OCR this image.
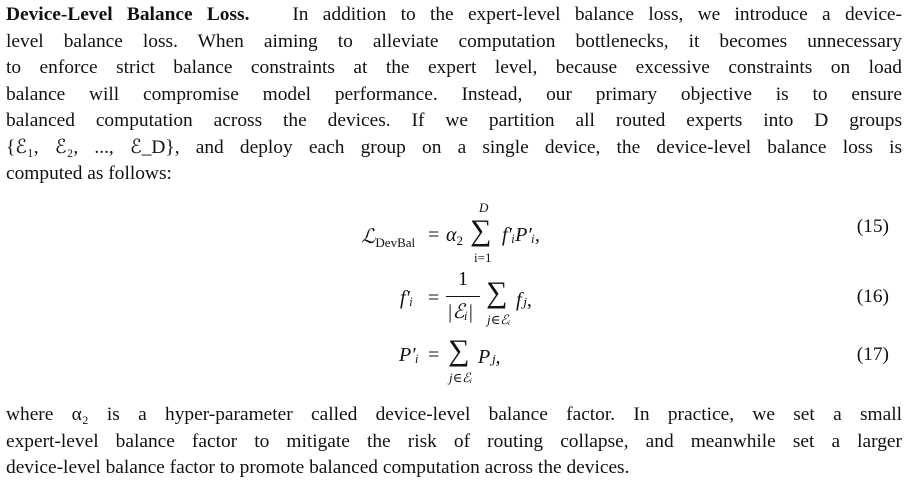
Device-Level Balance Loss. In addition to the expert-level balance loss, we introduce a device-
level balance loss. When aiming to alleviate computation bottlenecks, it becomes unnecessary
to enforce strict balance constraints at the expert level, because excessive constraints on load
balance will compromise model performance. Instead, our primary objective is to ensure
balanced computation across the devices. If we partition all routed experts into D groups
{ℰ₁, ℰ₂, ..., ℰ_D}, and deploy each group on a single device, the device-level balance loss is
computed as follows:
ℒ$_{DevBal}$ = $\alpha_2$
D
∑
i=1
f′ᵢP′ᵢ,	(15)
f′ᵢ =
1
|ℰᵢ|
∑
j∈ℰᵢ
fⱼ,	(16)
P′ᵢ = ∑
j∈ℰᵢ
Pⱼ,	(17)
where α₂ is a hyper-parameter called device-level balance factor. In practice, we set a small
expert-level balance factor to mitigate the risk of routing collapse, and meanwhile set a larger
device-level balance factor to promote balanced computation across the devices.
